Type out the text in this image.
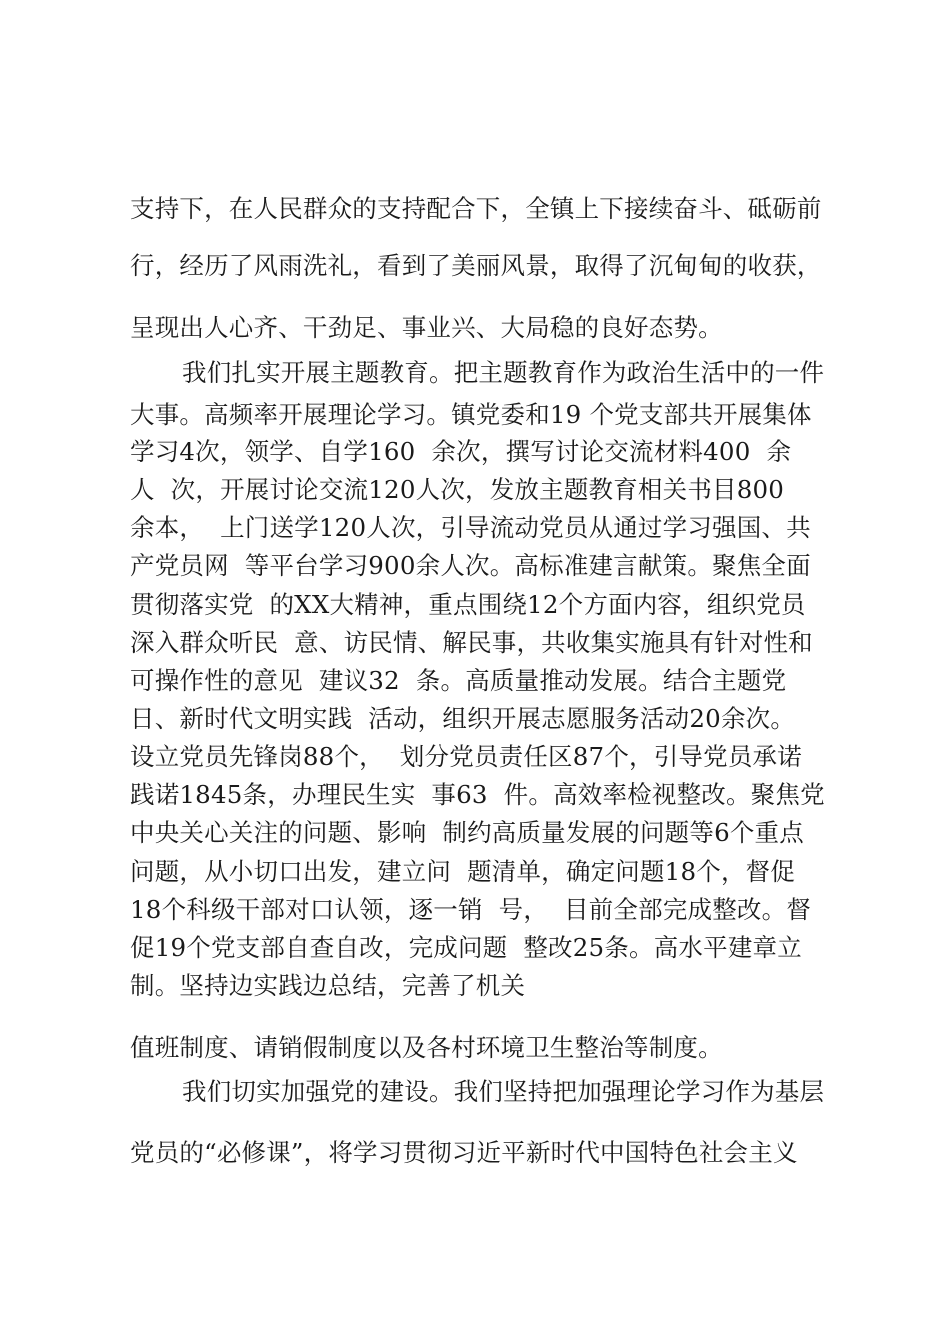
支持下，在人民群众的支持配合下，全镇上下接续奋斗、砥砺前
行，经历了风雨洗礼，看到了美丽风景，取得了沉甸甸的收获，
呈现出人心齐、干劲足、事业兴、大局稳的良好态势。
我们扎实开展主题教育。把主题教育作为政治生活中的一件
大事。高频率开展理论学习。镇党委和19 个党支部共开展集体
学习4次，领学、自学160  余次，撰写讨论交流材料400  余
人  次，开展讨论交流120人次，发放主题教育相关书目800
余本，  上门送学120人次，引导流动党员从通过学习强国、共
产党员网  等平台学习900余人次。高标准建言献策。聚焦全面
贯彻落实党  的XX大精神，重点围绕12个方面内容，组织党员
深入群众听民  意、访民情、解民事，共收集实施具有针对性和
可操作性的意见  建议32  条。高质量推动发展。结合主题党
日、新时代文明实践  活动，组织开展志愿服务活动20余次。
设立党员先锋岗88个，  划分党员责任区87个，引导党员承诺
践诺1845条，办理民生实  事63  件。高效率检视整改。聚焦党
中央关心关注的问题、影响  制约高质量发展的问题等6个重点
问题，从小切口出发，建立问  题清单，确定问题18个，督促
18个科级干部对口认领，逐一销  号，  目前全部完成整改。督
促19个党支部自查自改，完成问题  整改25条。高水平建章立
制。坚持边实践边总结，完善了机关
值班制度、请销假制度以及各村环境卫生整治等制度。
我们切实加强党的建设。我们坚持把加强理论学习作为基层
党员的“必修课”，将学习贯彻习近平新时代中国特色社会主义
